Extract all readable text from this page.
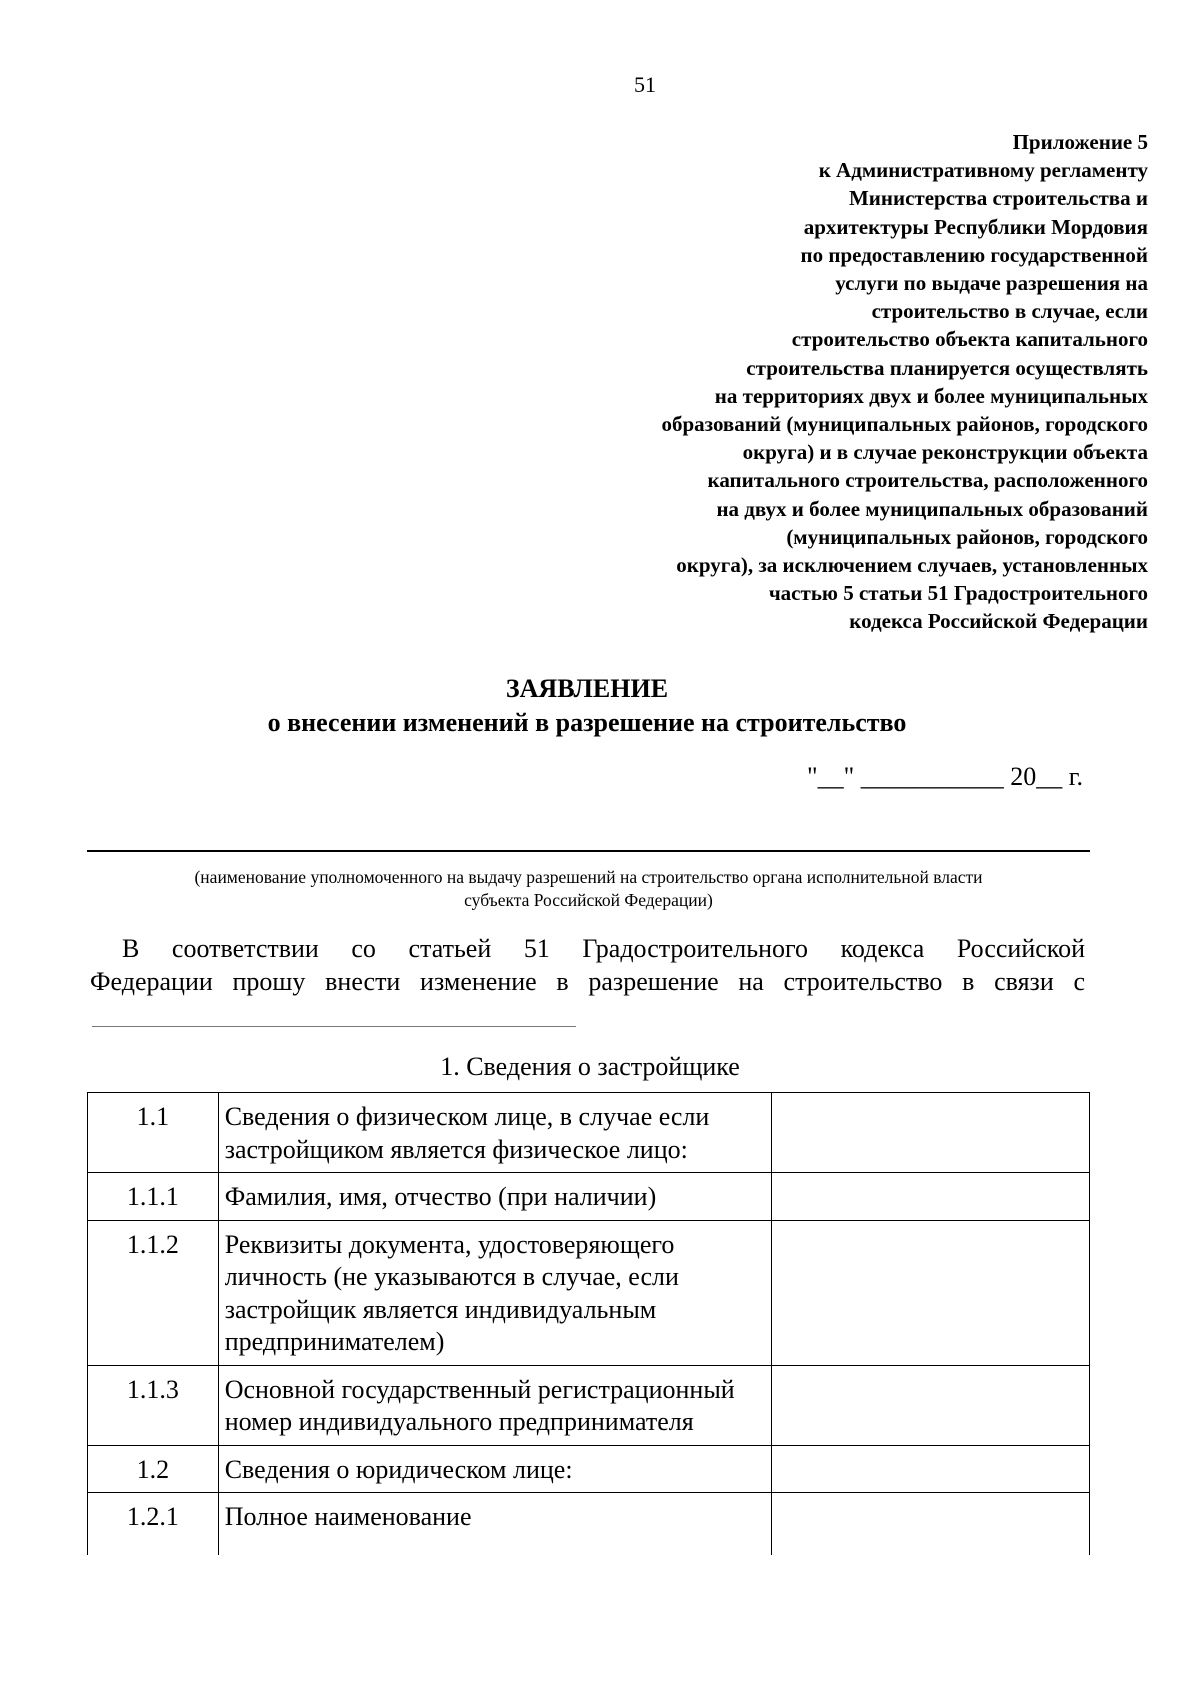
51
Приложение 5
к Административному регламенту
Министерства строительства и
архитектуры Республики Мордовия
по предоставлению государственной
услуги по выдаче разрешения на
строительство в случае, если
строительство объекта капитального
строительства планируется осуществлять
на территориях двух и более муниципальных
образований (муниципальных районов, городского
округа) и в случае реконструкции объекта
капитального строительства, расположенного
на двух и более муниципальных образований
(муниципальных районов, городского
округа), за исключением случаев, установленных
частью 5 статьи 51 Градостроительного
кодекса Российской Федерации
ЗАЯВЛЕНИЕ
о внесении изменений в разрешение на строительство
"__" ___________ 20__ г.
(наименование уполномоченного на выдачу разрешений на строительство органа исполнительной власти
субъекта Российской Федерации)
В соответствии со статьей 51 Градостроительного кодекса Российской
Федерации прошу внести изменение в разрешение на строительство в связи с
1. Сведения о застройщике
1.1	Сведения о физическом лице, в случае если застройщиком является физическое лицо:	
1.1.1	Фамилия, имя, отчество (при наличии)	
1.1.2	Реквизиты документа, удостоверяющего личность (не указываются в случае, если застройщик является индивидуальным предпринимателем)	
1.1.3	Основной государственный регистрационный номер индивидуального предпринимателя	
1.2	Сведения о юридическом лице:	
1.2.1	Полное наименование	
